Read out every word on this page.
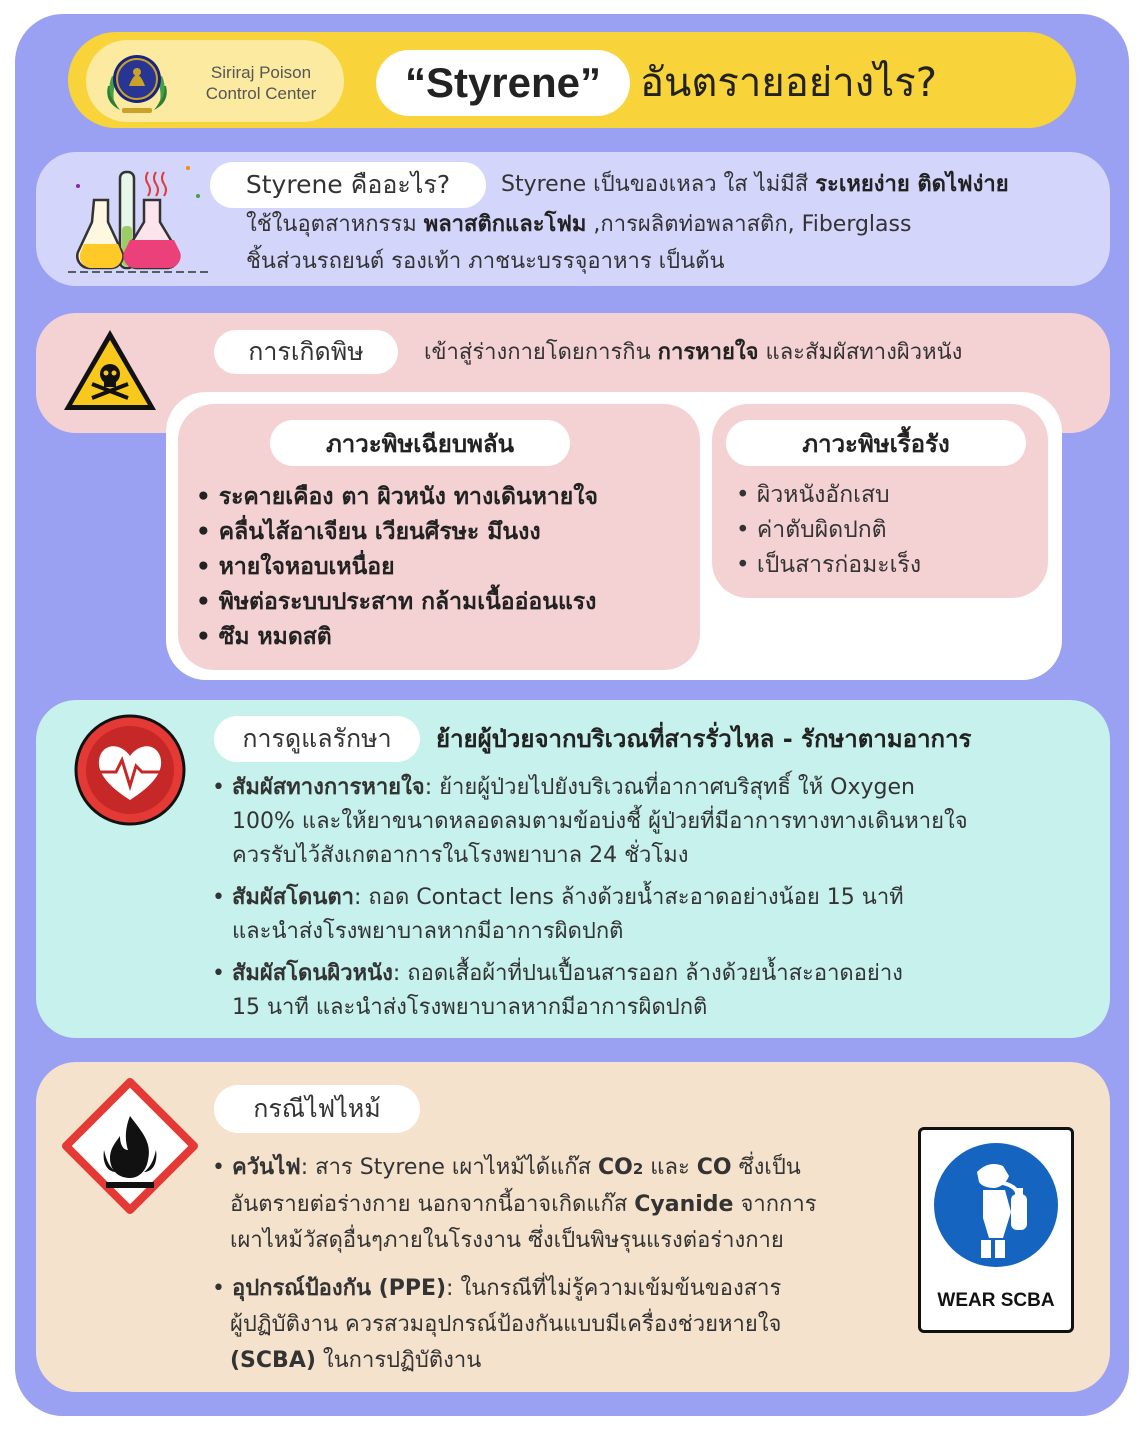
Siriraj Poison
Control Center	“Styrene” อันตรายอย่างไร?
Styrene คืออะไร?	Styrene เป็นของเหลว ใส ไม่มีสี ระเหยง่าย ติดไฟง่าย
ใช้ในอุตสาหกรรม พลาสติกและโฟม ,การผลิตท่อพลาสติก, Fiberglass
ชิ้นส่วนรถยนต์ รองเท้า ภาชนะบรรจุอาหาร เป็นต้น
การเกิดพิษ	เข้าสู่ร่างกายโดยการกิน การหายใจ และสัมผัสทางผิวหนัง
ภาวะพิษเฉียบพลัน	ภาวะพิษเรื้อรัง
• ระคายเคือง ตา ผิวหนัง ทางเดินหายใจ
• คลื่นไส้อาเจียน เวียนศีรษะ มึนงง
• หายใจหอบเหนื่อย
• พิษต่อระบบประสาท กล้ามเนื้ออ่อนแรง
• ซึม หมดสติ
• ผิวหนังอักเสบ
• ค่าตับผิดปกติ
• เป็นสารก่อมะเร็ง
การดูแลรักษา	ย้ายผู้ป่วยจากบริเวณที่สารรั่วไหล - รักษาตามอาการ
• สัมผัสทางการหายใจ: ย้ายผู้ป่วยไปยังบริเวณที่อากาศบริสุทธิ์ ให้ Oxygen
100% และให้ยาขนาดหลอดลมตามข้อบ่งชี้ ผู้ป่วยที่มีอาการทางทางเดินหายใจ
ควรรับไว้สังเกตอาการในโรงพยาบาล 24 ชั่วโมง
• สัมผัสโดนตา: ถอด Contact lens ล้างด้วยน้ำสะอาดอย่างน้อย 15 นาที
และนำส่งโรงพยาบาลหากมีอาการผิดปกติ
• สัมผัสโดนผิวหนัง: ถอดเสื้อผ้าที่ปนเปื้อนสารออก ล้างด้วยน้ำสะอาดอย่าง
15 นาที และนำส่งโรงพยาบาลหากมีอาการผิดปกติ
กรณีไฟไหม้
• ควันไฟ: สาร Styrene เผาไหม้ได้แก๊ส CO2 และ CO ซึ่งเป็น
อันตรายต่อร่างกาย นอกจากนี้อาจเกิดแก๊ส Cyanide จากการ
เผาไหม้วัสดุอื่นๆภายในโรงงาน ซึ่งเป็นพิษรุนแรงต่อร่างกาย
• อุปกรณ์ป้องกัน (PPE): ในกรณีที่ไม่รู้ความเข้มข้นของสาร
ผู้ปฏิบัติงาน ควรสวมอุปกรณ์ป้องกันแบบมีเครื่องช่วยหายใจ
(SCBA) ในการปฏิบัติงาน
WEAR SCBA
